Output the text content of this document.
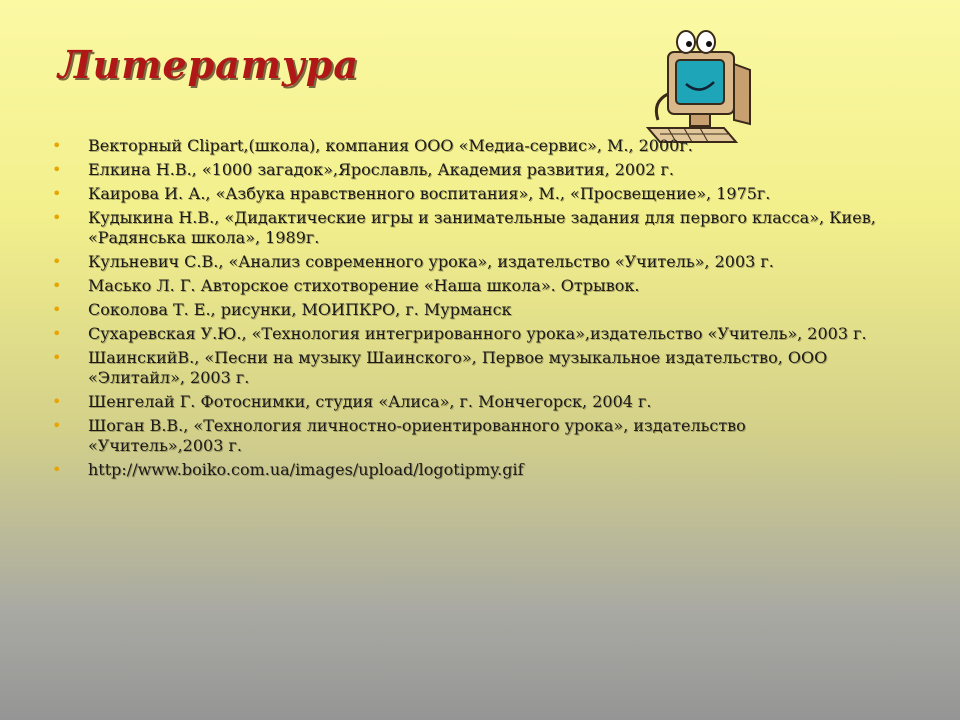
Литература
• Векторный Clipart,(школа), компания ООО «Медиа-сервис», М., 2000г.
• Елкина Н.В., «1000 загадок»,Ярославль, Академия развития, 2002 г.
• Каирова И. А., «Азбука нравственного воспитания», М., «Просвещение», 1975г.
• Кудыкина Н.В., «Дидактические игры и занимательные задания для первого класса», Киев, «Радянська школа», 1989г.
• Кульневич С.В., «Анализ современного урока», издательство «Учитель», 2003 г.
• Масько Л. Г. Авторское стихотворение «Наша школа». Отрывок.
• Соколова Т. Е., рисунки, МОИПКРО, г. Мурманск
• Сухаревская У.Ю., «Технология интегрированного урока»,издательство «Учитель», 2003 г.
• ШаинскийВ., «Песни на музыку Шаинского», Первое музыкальное издательство, ООО «Элитайл», 2003 г.
• Шенгелай Г. Фотоснимки, студия «Алиса», г. Мончегорск, 2004 г.
• Шоган В.В., «Технология личностно-ориентированного урока», издательство «Учитель»,2003 г.
• http://www.boiko.com.ua/images/upload/logotipmy.gif
